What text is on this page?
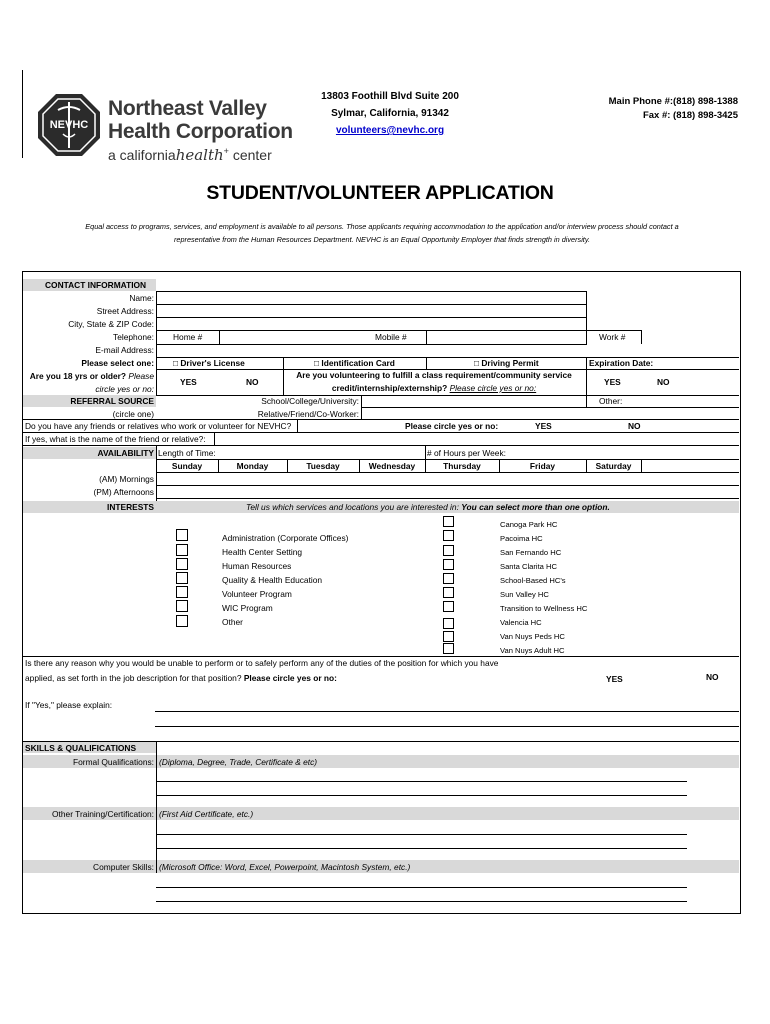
NEVHC
Northeast Valley
Health Corporation
a californiahealth+ center
13803 Foothill Blvd Suite 200
Sylmar, California, 91342
volunteers@nevhc.org
Main Phone #:(818) 898-1388
Fax #: (818) 898-3425
STUDENT/VOLUNTEER APPLICATION
Equal access to programs, services, and employment is available to all persons. Those applicants requiring accommodation to the application and/or interview process should contact a
representative from the Human Resources Department. NEVHC is an Equal Opportunity Employer that finds strength in diversity.
CONTACT INFORMATION
Name:
Street Address:
City, State & ZIP Code:
Telephone: Home #	Mobile #	Work #
E-mail Address:
Please select one: □ Driver's License	□ Identification Card	□ Driving Permit	Expiration Date:
Are you 18 yrs or older? Please
circle yes or no:
YES	NO
Are you volunteering to fulfill a class requirement/community service
credit/internship/externship? Please circle yes or no:
YES	NO
REFERRAL SOURCE
(circle one)
School/College/University:	Other:
Relative/Friend/Co-Worker:
Do you have any friends or relatives who work or volunteer for NEVHC?	Please circle yes or no:	YES	NO
If yes, what is the name of the friend or relative?:
AVAILABILITY Length of Time:	# of Hours per Week:
Sunday	Monday	Tuesday	Wednesday	Thursday	Friday	Saturday
(AM) Mornings
(PM) Afternoons
INTERESTS	Tell us which services and locations you are interested in: You can select more than one option.
Administration (Corporate Offices)
Health Center Setting
Human Resources
Quality & Health Education
Volunteer Program
WIC Program
Other
Canoga Park HC
Pacoima HC
San Fernando HC
Santa Clarita HC
School-Based HC's
Sun Valley HC
Transition to Wellness HC
Valencia HC
Van Nuys Peds HC
Van Nuys Adult HC
Is there any reason why you would be unable to perform or to safely perform any of the duties of the position for which you have
applied, as set forth in the job description for that position? Please circle yes or no:	YES	NO
If "Yes," please explain:
SKILLS & QUALIFICATIONS
Formal Qualifications: (Diploma, Degree, Trade, Certificate & etc)
Other Training/Certification: (First Aid Certificate, etc.)
Computer Skills: (Microsoft Office: Word, Excel, Powerpoint, Macintosh System, etc.)
